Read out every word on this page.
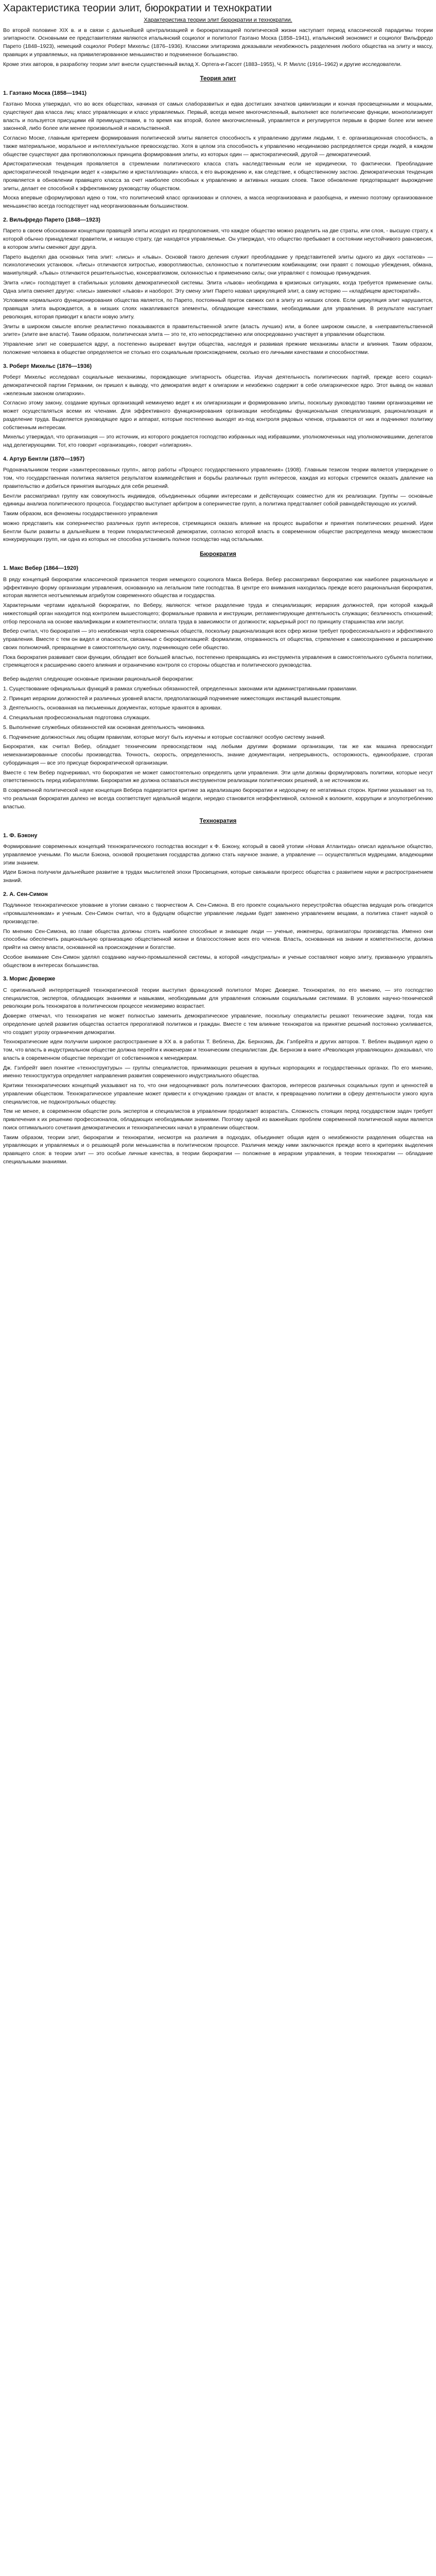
Характеристика теории элит, бюрократии и технократии
Характеристика теории элит бюрократии и технократии.

Во второй половине XIX в. и в связи с дальнейшей централизацией и бюрократизацией политической жизни наступает период классической парадигмы теории элитарности. Основными ее представителями являются итальянский социолог и политолог Гаэтано Моска (1858–1941), итальянский экономист и социолог Вильфредо Парето (1848–1923), немецкий социолог Роберт Михельс (1876–1936). Классики элитаризма доказывали неизбежность разделения любого общества на элиту и массу, правящих и управляемых, на привилегированное меньшинство и подчиненное большинство.

Кроме этих авторов, в разработку теории элит внесли существенный вклад Х. Ортега-и-Гассет (1883–1955), Ч. Р. Миллс (1916–1962) и другие исследователи.

Теория элит
1. Гаэтано Моска (1858—1941)

Гаэтано Моска утверждал, что во всех обществах, начиная от самых слаборазвитых и едва достигших зачатков цивилизации и кончая просвещенными и мощными, существуют два класса лиц: класс управляющих и класс управляемых. Первый, всегда менее многочисленный, выполняет все политические функции, монополизирует власть и пользуется присущими ей преимуществами, в то время как второй, более многочисленный, управляется и регулируется первым в форме более или менее законной, либо более или менее произвольной и насильственной.

Согласно Моске, главным критерием формирования политической элиты является способность к управлению другими людьми, т. е. организационная способность, а также материальное, моральное и интеллектуальное превосходство. Хотя в целом эта способность к управлению неодинаково распределяется среди людей, в каждом обществе существуют два противоположных принципа формирования элиты, из которых один — аристократический, другой — демократический.

Аристократическая тенденция проявляется в стремлении политического класса стать наследственным если не юридически, то фактически. Преобладание аристократической тенденции ведет к «закрытию и кристаллизации» класса, к его вырождению и, как следствие, к общественному застою. Демократическая тенденция проявляется в обновлении правящего класса за счет наиболее способных к управлению и активных низших слоев. Такое обновление предотвращает вырождение элиты, делает ее способной к эффективному руководству обществом.

Моска впервые сформулировал идею о том, что политический класс организован и сплочен, а масса неорганизована и разобщена, и именно поэтому организованное меньшинство всегда господствует над неорганизованным большинством.

2. Вильфредо Парето (1848—1923)

Парето в своем обосновании концепции правящей элиты исходил из предположения, что каждое общество можно разделить на две страты, или слоя, - высшую страту, к которой обычно принадлежат правители, и низшую страту, где находятся управляемые. Он утверждал, что общество пребывает в состоянии неустойчивого равновесия, в котором элиты сменяют друг друга.

Парето выделял два основных типа элит: «лисы» и «львы». Основой такого деления служит преобладание у представителей элиты одного из двух «остатков» — психологических установок. «Лисы» отличаются хитростью, изворотливостью, склонностью к политическим комбинациям; они правят с помощью убеждения, обмана, манипуляций. «Львы» отличаются решительностью, консерватизмом, склонностью к применению силы; они управляют с помощью принуждения.

Элита «лис» господствует в стабильных условиях демократической системы. Элита «львов» необходима в кризисных ситуациях, когда требуется применение силы. Одна элита сменяет другую: «лисы» заменяют «львов» и наоборот. Эту смену элит Парето назвал циркуляцией элит, а саму историю — «кладбищем аристократий».

Условием нормального функционирования общества является, по Парето, постоянный приток свежих сил в элиту из низших слоев. Если циркуляция элит нарушается, правящая элита вырождается, а в низших слоях накапливаются элементы, обладающие качествами, необходимыми для управления. В результате наступает революция, которая приводит к власти новую элиту.

Элиты в широком смысле вполне реалистично показываются в правительственной элите (власть лучших) или, в более широком смысле, в «неправительственной элите» (элите вне власти). Таким образом, политическая элита — это те, кто непосредственно или опосредованно участвует в управлении обществом.

Управление элит не совершается вдруг, а постепенно вызревает внутри общества, наследуя и развивая прежние механизмы власти и влияния. Таким образом, положение человека в обществе определяется не столько его социальным происхождением, сколько его личными качествами и способностями.

3. Роберт Михельс (1876—1936)

Роберт Михельс исследовал социальные механизмы, порождающие элитарность общества. Изучая деятельность политических партий, прежде всего социал-демократической партии Германии, он пришел к выводу, что демократия ведет к олигархии и неизбежно содержит в себе олигархическое ядро. Этот вывод он назвал «железным законом олигархии».

Согласно этому закону, создание крупных организаций неминуемо ведет к их олигархизации и формированию элиты, поскольку руководство такими организациями не может осуществляться всеми их членами. Для эффективного функционирования организации необходимы функциональная специализация, рационализация и разделение труда. Выделяется руководящее ядро и аппарат, которые постепенно выходят из-под контроля рядовых членов, отрываются от них и подчиняют политику собственным интересам.

Михельс утверждал, что организация — это источник, из которого рождается господство избранных над избравшими, уполномоченных над уполномочившими, делегатов над делегирующими. Тот, кто говорит «организация», говорит «олигархия».

4. Артур Бентли (1870—1957)

Родоначальником теории «заинтересованных групп», автор работы «Процесс государственного управления» (1908). Главным тезисом теории является утверждение о том, что государственная политика является результатом взаимодействия и борьбы различных групп интересов, каждая из которых стремится оказать давление на правительство и добиться принятия выгодных для себя решений.

Бентли рассматривал группу как совокупность индивидов, объединенных общими интересами и действующих совместно для их реализации. Группы — основные единицы анализа политического процесса. Государство выступает арбитром в соперничестве групп, а политика представляет собой равнодействующую их усилий.

Таким образом, вся феномены государственного управления

можно представить как соперничество различных групп интересов, стремящихся оказать влияние на процесс выработки и принятия политических решений. Идеи Бентли были развиты в дальнейшем в теории плюралистической демократии, согласно которой власть в современном обществе распределена между множеством конкурирующих групп, ни одна из которых не способна установить полное господство над остальными.

Бюрократия
1. Макс Вебер (1864—1920)

В ряду концепций бюрократии классической признается теория немецкого социолога Макса Вебера. Вебер рассматривал бюрократию как наиболее рациональную и эффективную форму организации управления, основанную на легальном типе господства. В центре его внимания находилась прежде всего рациональная бюрократия, которая является неотъемлемым атрибутом современного общества и государства.

Характерными чертами идеальной бюрократии, по Веберу, являются: четкое разделение труда и специализация; иерархия должностей, при которой каждый нижестоящий орган находится под контролем вышестоящего; формальные правила и инструкции, регламентирующие деятельность служащих; безличность отношений; отбор персонала на основе квалификации и компетентности; оплата труда в зависимости от должности; карьерный рост по принципу старшинства или заслуг.

Вебер считал, что бюрократия — это неизбежная черта современных обществ, поскольку рационализация всех сфер жизни требует профессионального и эффективного управления. Вместе с тем он видел и опасности, связанные с бюрократизацией: формализм, оторванность от общества, стремление к самосохранению и расширению своих полномочий, превращение в самостоятельную силу, подчиняющую себе общество.

Пока бюрократия развивает свои функции, обладает все большей властью, постепенно превращаясь из инструмента управления в самостоятельного субъекта политики, стремящегося к расширению своего влияния и ограничению контроля со стороны общества и политического руководства.

Вебер выделял следующие основные признаки рациональной бюрократии:

1. Существование официальных функций в рамках служебных обязанностей, определенных законами или административными правилами.

2. Принцип иерархии должностей и различных уровней власти, предполагающий подчинение нижестоящих инстанций вышестоящим.

3. Деятельность, основанная на письменных документах, которые хранятся в архивах.

4. Специальная профессиональная подготовка служащих.

5. Выполнение служебных обязанностей как основная деятельность чиновника.

6. Подчинение должностных лиц общим правилам, которые могут быть изучены и которые составляют особую систему знаний.

Бюрократия, как считал Вебер, обладает техническим превосходством над любыми другими формами организации, так же как машина превосходит немеханизированные способы производства. Точность, скорость, определенность, знание документации, непрерывность, осторожность, единообразие, строгая субординация — все это присуще бюрократической организации.

Вместе с тем Вебер подчеркивал, что бюрократия не может самостоятельно определять цели управления. Эти цели должны формулировать политики, которые несут ответственность перед избирателями. Бюрократия же должна оставаться инструментом реализации политических решений, а не источником их.

В современной политической науке концепция Вебера подвергается критике за идеализацию бюрократии и недооценку ее негативных сторон. Критики указывают на то, что реальная бюрократия далеко не всегда соответствует идеальной модели, нередко становится неэффективной, склонной к волоките, коррупции и злоупотреблению властью.

Технократия
1. Ф. Бэкону

Формирование современных концепций технократического господства восходит к Ф. Бэкону, который в своей утопии «Новая Атлантида» описал идеальное общество, управляемое учеными. По мысли Бэкона, основой процветания государства должно стать научное знание, а управление — осуществляться мудрецами, владеющими этим знанием.

Идеи Бэкона получили дальнейшее развитие в трудах мыслителей эпохи Просвещения, которые связывали прогресс общества с развитием науки и распространением знаний.

2. А. Сен-Симон

Подлинное технократическое упование в утопии связано с творчеством А. Сен-Симона. В его проекте социального переустройства общества ведущая роль отводится «промышленникам» и ученым. Сен-Симон считал, что в будущем обществе управление людьми будет заменено управлением вещами, а политика станет наукой о производстве.

По мнению Сен-Симона, во главе общества должны стоять наиболее способные и знающие люди — ученые, инженеры, организаторы производства. Именно они способны обеспечить рациональную организацию общественной жизни и благосостояние всех его членов. Власть, основанная на знании и компетентности, должна прийти на смену власти, основанной на происхождении и богатстве.

Особое внимание Сен-Симон уделял созданию научно-промышленной системы, в которой «индустриалы» и ученые составляют новую элиту, призванную управлять обществом в интересах большинства.

3. Морис Дюверже

С оригинальной интерпретацией технократической теории выступил французский политолог Морис Дюверже. Технократия, по его мнению, — это господство специалистов, экспертов, обладающих знаниями и навыками, необходимыми для управления сложными социальными системами. В условиях научно-технической революции роль технократов в политическом процессе неизмеримо возрастает.

Дюверже отмечал, что технократия не может полностью заменить демократическое управление, поскольку специалисты решают технические задачи, тогда как определение целей развития общества остается прерогативой политиков и граждан. Вместе с тем влияние технократов на принятие решений постоянно усиливается, что создает угрозу ограничения демократии.

Технократические идеи получили широкое распространение в XX в. в работах Т. Веблена, Дж. Бернхэма, Дж. Гэлбрейта и других авторов. Т. Веблен выдвинул идею о том, что власть в индустриальном обществе должна перейти к инженерам и техническим специалистам. Дж. Бернхэм в книге «Революция управляющих» доказывал, что власть в современном обществе переходит от собственников к менеджерам.

Дж. Гэлбрейт ввел понятие «техноструктуры» — группы специалистов, принимающих решения в крупных корпорациях и государственных органах. По его мнению, именно техноструктура определяет направления развития современного индустриального общества.

Критики технократических концепций указывают на то, что они недооценивают роль политических факторов, интересов различных социальных групп и ценностей в управлении обществом. Технократическое управление может привести к отчуждению граждан от власти, к превращению политики в сферу деятельности узкого круга специалистов, не подконтрольных обществу.

Тем не менее, в современном обществе роль экспертов и специалистов в управлении продолжает возрастать. Сложность стоящих перед государством задач требует привлечения к их решению профессионалов, обладающих необходимыми знаниями. Поэтому одной из важнейших проблем современной политической науки является поиск оптимального сочетания демократических и технократических начал в управлении обществом.

Таким образом, теории элит, бюрократии и технократии, несмотря на различия в подходах, объединяет общая идея о неизбежности разделения общества на управляющих и управляемых и о решающей роли меньшинства в политическом процессе. Различия между ними заключаются прежде всего в критериях выделения правящего слоя: в теории элит — это особые личные качества, в теории бюрократии — положение в иерархии управления, в теории технократии — обладание специальными знаниями.
